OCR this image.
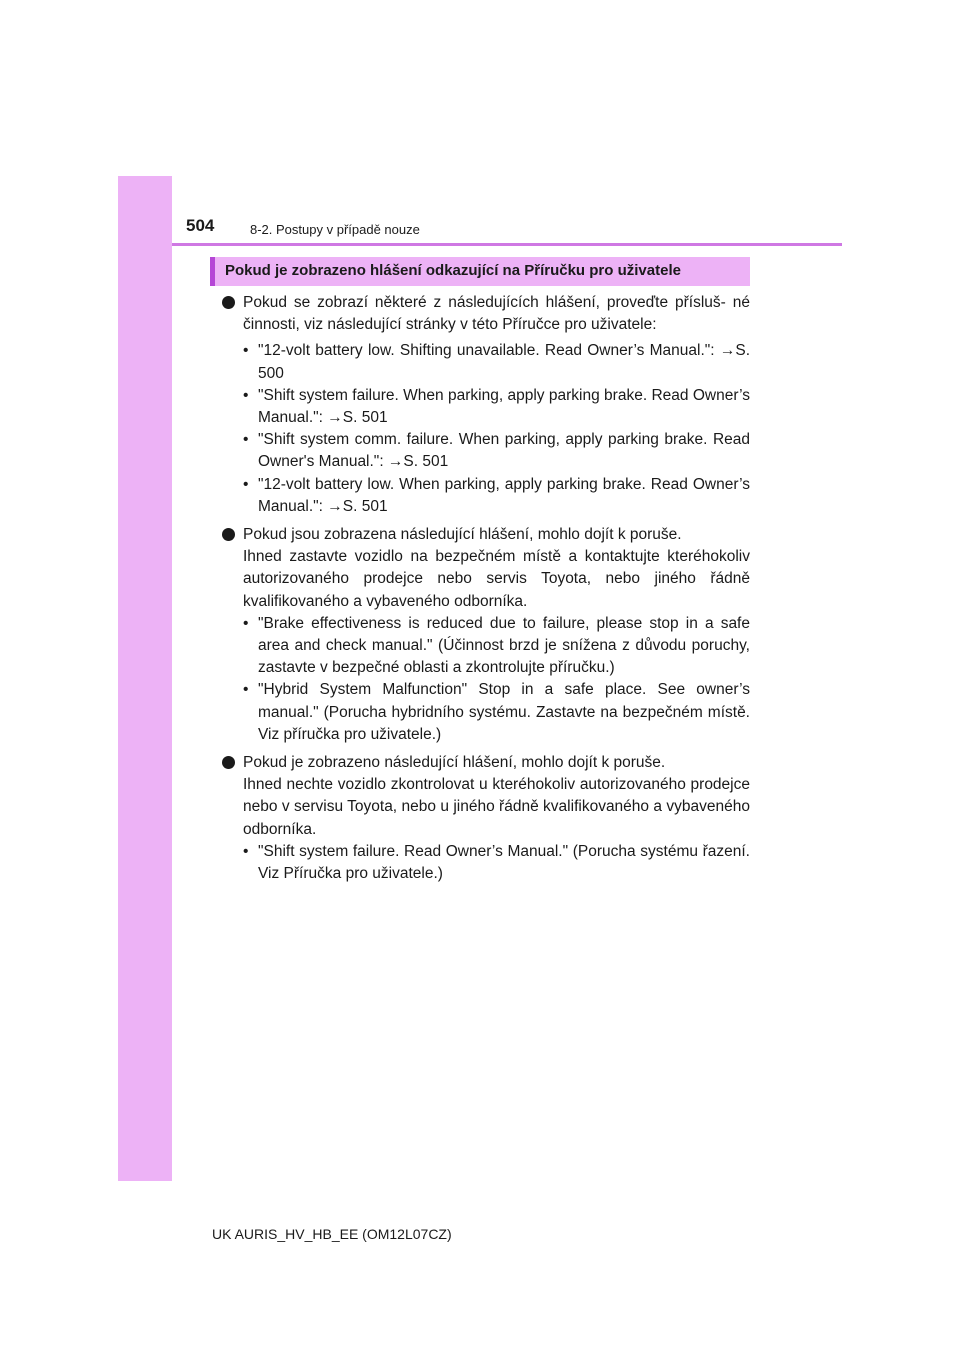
504	8-2. Postupy v případě nouze
Pokud je zobrazeno hlášení odkazující na Příručku pro uživatele
Pokud se zobrazí některé z následujících hlášení, proveďte přísluš- né činnosti, viz následující stránky v této Příručce pro uživatele:
• "12-volt battery low. Shifting unavailable. Read Owner’s Manual.": →S. 500
• "Shift system failure. When parking, apply parking brake. Read Owner’s Manual.": →S. 501
• "Shift system comm. failure. When parking, apply parking brake. Read Owner's Manual.": →S. 501
• "12-volt battery low. When parking, apply parking brake. Read Owner’s Manual.": →S. 501
Pokud jsou zobrazena následující hlášení, mohlo dojít k poruše.
Ihned zastavte vozidlo na bezpečném místě a kontaktujte kteréhokoliv autorizovaného prodejce nebo servis Toyota, nebo jiného řádně kvalifikovaného a vybaveného odborníka.
• "Brake effectiveness is reduced due to failure, please stop in a safe area and check manual." (Účinnost brzd je snížena z důvodu poruchy, zastavte v bezpečné oblasti a zkontrolujte příručku.)
• "Hybrid System Malfunction" Stop in a safe place. See owner’s manual." (Porucha hybridního systému. Zastavte na bezpečném místě. Viz příručka pro uživatele.)
Pokud je zobrazeno následující hlášení, mohlo dojít k poruše.
Ihned nechte vozidlo zkontrolovat u kteréhokoliv autorizovaného prodejce nebo v servisu Toyota, nebo u jiného řádně kvalifikovaného a vybaveného odborníka.
• "Shift system failure. Read Owner’s Manual." (Porucha systému řazení. Viz Příručka pro uživatele.)
UK AURIS_HV_HB_EE (OM12L07CZ)
